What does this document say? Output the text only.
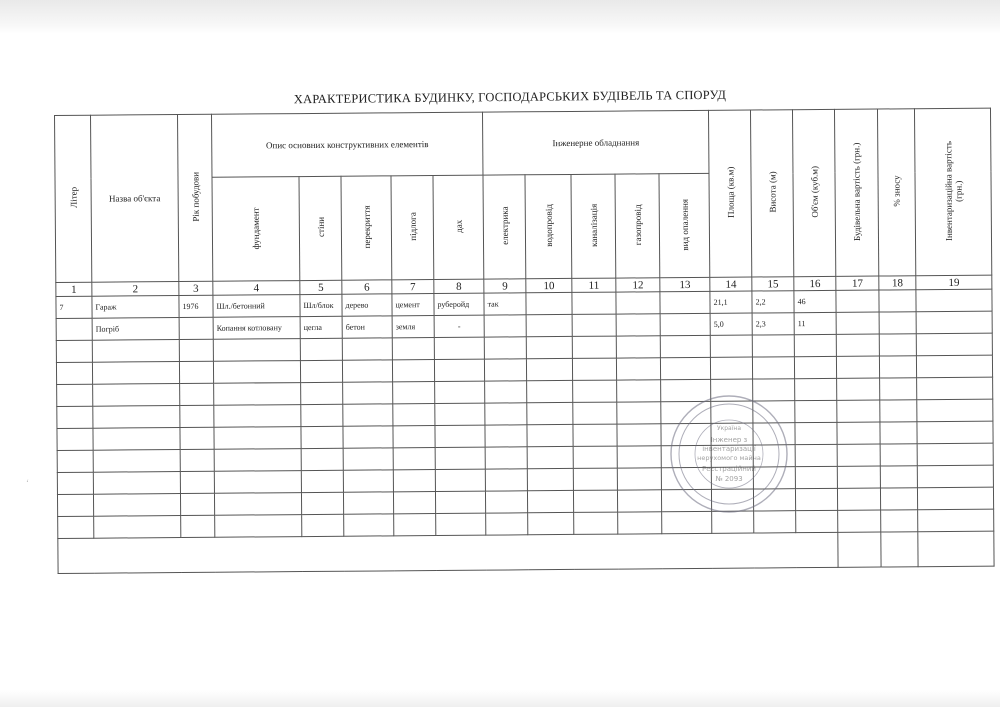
ʻ
ХАРАКТЕРИСТИКА БУДИНКУ, ГОСПОДАРСЬКИХ БУДІВЕЛЬ ТА СПОРУД
Літер	Назва об'єкта	Рік побудови	Опис основних конструктивних елементів					Інженерне обладнання					Площа (кв.м)	Висота (м)	Об'єм (куб.м)	Будівельна вартість (грн.)	% зносу	Інвентаризаційна вартість (грн.)
			фундамент	стіни	перекриття	підлога	дах	електрика	водопровід	каналізація	газопровід	вид опалення						
1	2	3	4	5	6	7	8	9	10	11	12	13	14	15	16	17	18	19
7	Гараж	1976	Шл./бетонний	Шл/блок	дерево	цемент	руберойд	так					21,1	2,2	46			
	Погріб		Копання котловану	цегла	бетон	земля	-						5,0	2,3	11			

Україна
Інженер з
інвентаризації
нерухомого майна
Реєстраційний
№ 2093
